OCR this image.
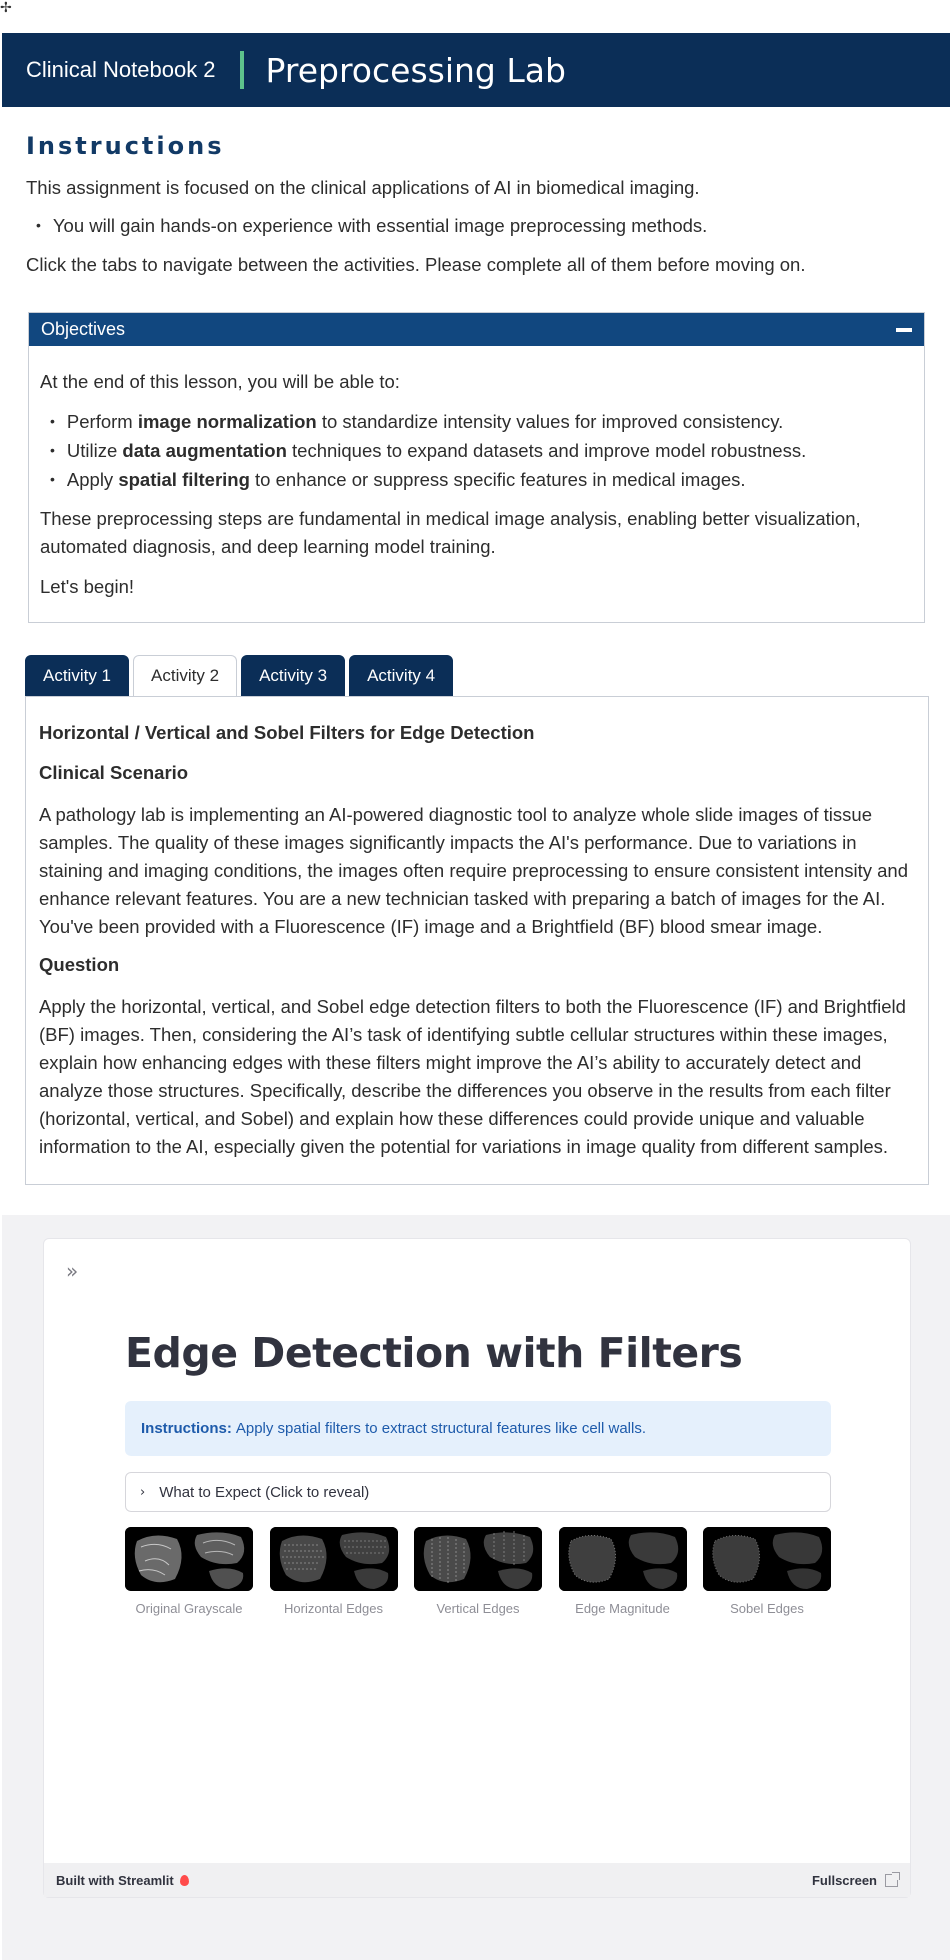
✢
Clinical Notebook 2 Preprocessing Lab
Instructions

This assignment is focused on the clinical applications of AI in biomedical imaging.

• You will gain hands-on experience with essential image preprocessing methods.

Click the tabs to navigate between the activities. Please complete all of them before moving on.

Objectives

At the end of this lesson, you will be able to:

• Perform image normalization to standardize intensity values for improved consistency.
• Utilize data augmentation techniques to expand datasets and improve model robustness.
• Apply spatial filtering to enhance or suppress specific features in medical images.

These preprocessing steps are fundamental in medical image analysis, enabling better visualization, automated diagnosis, and deep learning model training.

Let's begin!

Activity 1	Activity 2	Activity 3	Activity 4
Horizontal / Vertical and Sobel Filters for Edge Detection
Clinical Scenario

A pathology lab is implementing an AI-powered diagnostic tool to analyze whole slide images of tissue samples. The quality of these images significantly impacts the AI's performance. Due to variations in staining and imaging conditions, the images often require preprocessing to ensure consistent intensity and enhance relevant features. You are a new technician tasked with preparing a batch of images for the AI. You've been provided with a Fluorescence (IF) image and a Brightfield (BF) blood smear image.

Question

Apply the horizontal, vertical, and Sobel edge detection filters to both the Fluorescence (IF) and Brightfield (BF) images. Then, considering the AI’s task of identifying subtle cellular structures within these images, explain how enhancing edges with these filters might improve the AI’s ability to accurately detect and analyze those structures. Specifically, describe the differences you observe in the results from each filter (horizontal, vertical, and Sobel) and explain how these differences could provide unique and valuable information to the AI, especially given the potential for variations in image quality from different samples.

»
Edge Detection with Filters
Instructions: Apply spatial filters to extract structural features like cell walls.
› What to Expect (Click to reveal)
Original Grayscale	Horizontal Edges	Vertical Edges	Edge Magnitude	Sobel Edges
Built with Streamlit	Fullscreen
